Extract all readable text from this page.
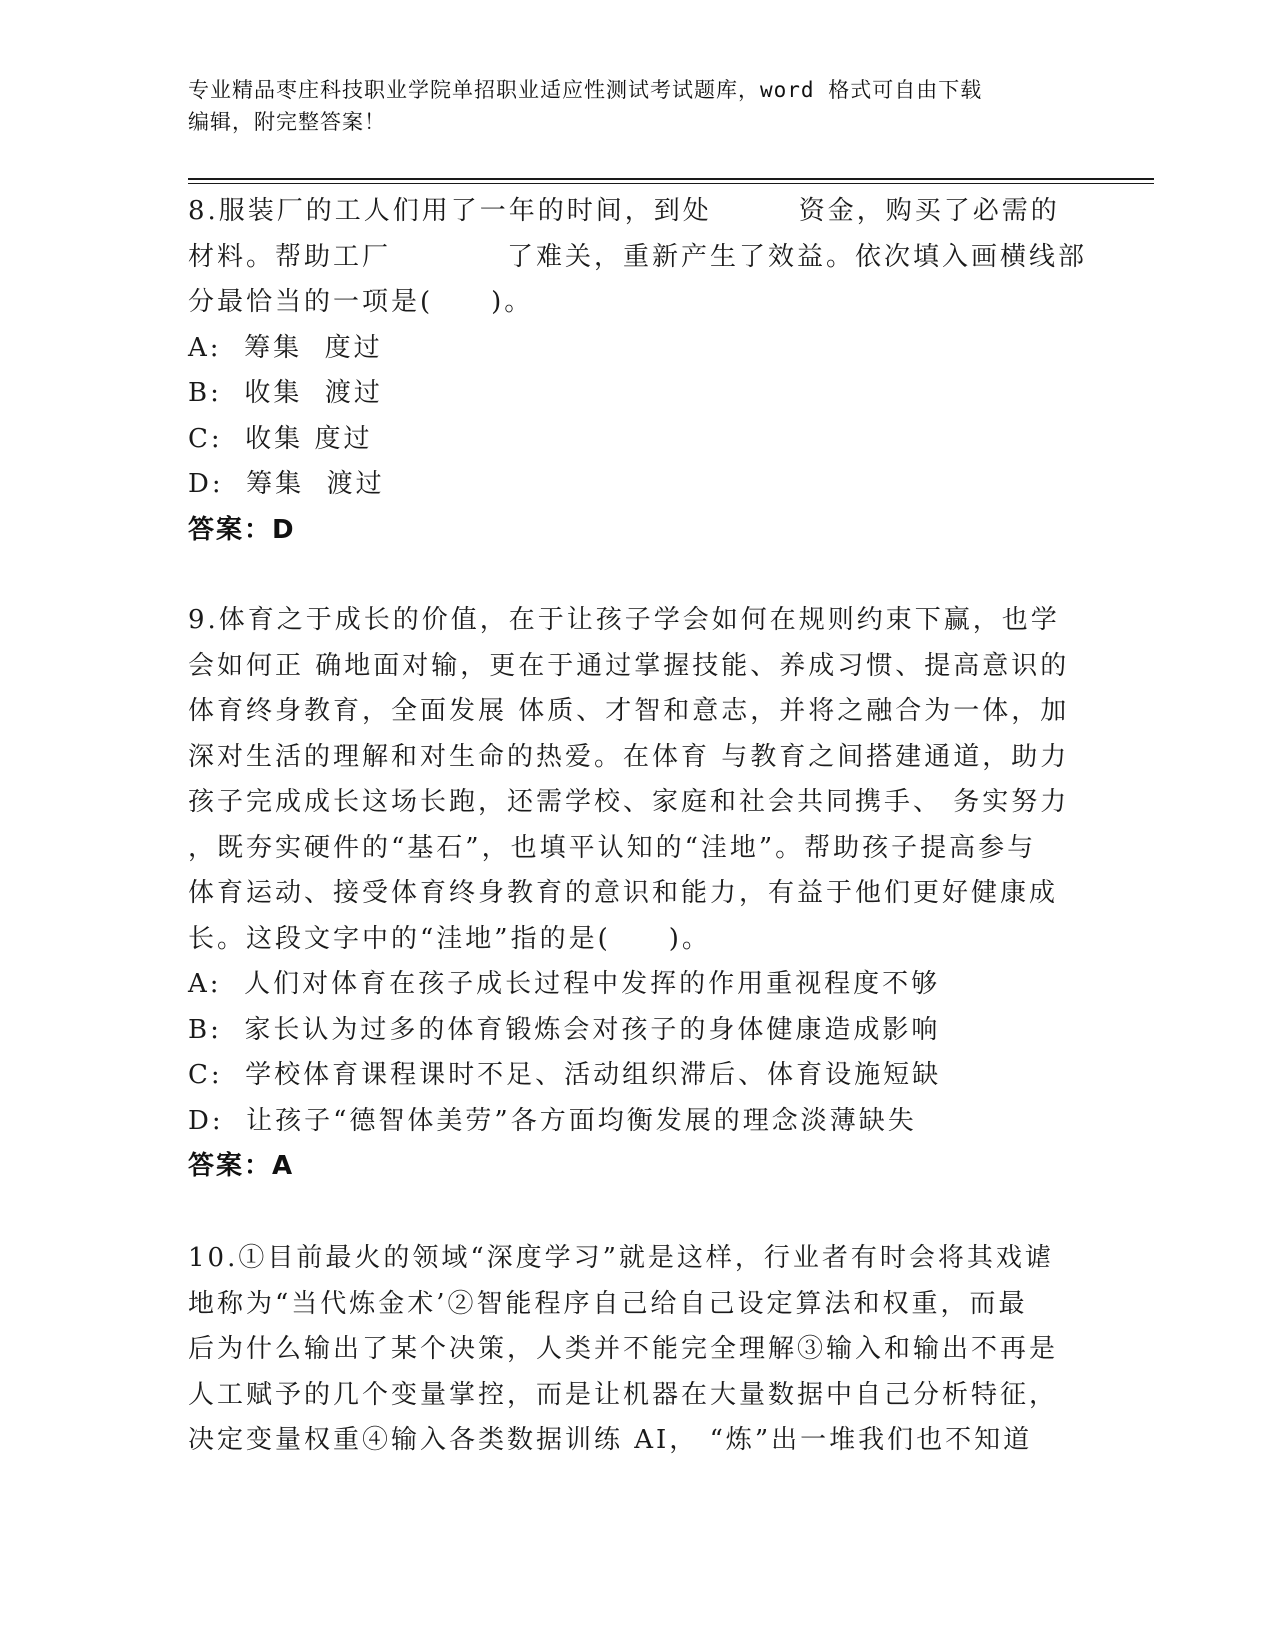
专业精品枣庄科技职业学院单招职业适应性测试考试题库，word 格式可自由下载
编辑，附完整答案！
8.服装厂的工人们用了一年的时间，到处　　　资金，购买了必需的
材料。帮助工厂　　　　了难关，重新产生了效益。依次填入画横线部
分最恰当的一项是(　　)。
A:  筹集  度过
B:  收集  渡过
C:  收集 度过
D:  筹集  渡过
答案：D
9.体育之于成长的价值，在于让孩子学会如何在规则约束下赢，也学
会如何正 确地面对输，更在于通过掌握技能、养成习惯、提高意识的
体育终身教育，全面发展 体质、才智和意志，并将之融合为一体，加
深对生活的理解和对生命的热爱。在体育 与教育之间搭建通道，助力
孩子完成成长这场长跑，还需学校、家庭和社会共同携手、 务实努力
，既夯实硬件的“基石”，也填平认知的“洼地”。帮助孩子提高参与
体育运动、接受体育终身教育的意识和能力，有益于他们更好健康成
长。这段文字中的“洼地”指的是(　　)。
A:  人们对体育在孩子成长过程中发挥的作用重视程度不够
B:  家长认为过多的体育锻炼会对孩子的身体健康造成影响
C:  学校体育课程课时不足、活动组织滞后、体育设施短缺
D:  让孩子“德智体美劳”各方面均衡发展的理念淡薄缺失
答案：A
10.①目前最火的领域“深度学习”就是这样，行业者有时会将其戏谑
地称为“当代炼金术’②智能程序自己给自己设定算法和权重，而最
后为什么输出了某个决策，人类并不能完全理解③输入和输出不再是
人工赋予的几个变量掌控，而是让机器在大量数据中自己分析特征，
决定变量权重④输入各类数据训练 AI， “炼”出一堆我们也不知道
